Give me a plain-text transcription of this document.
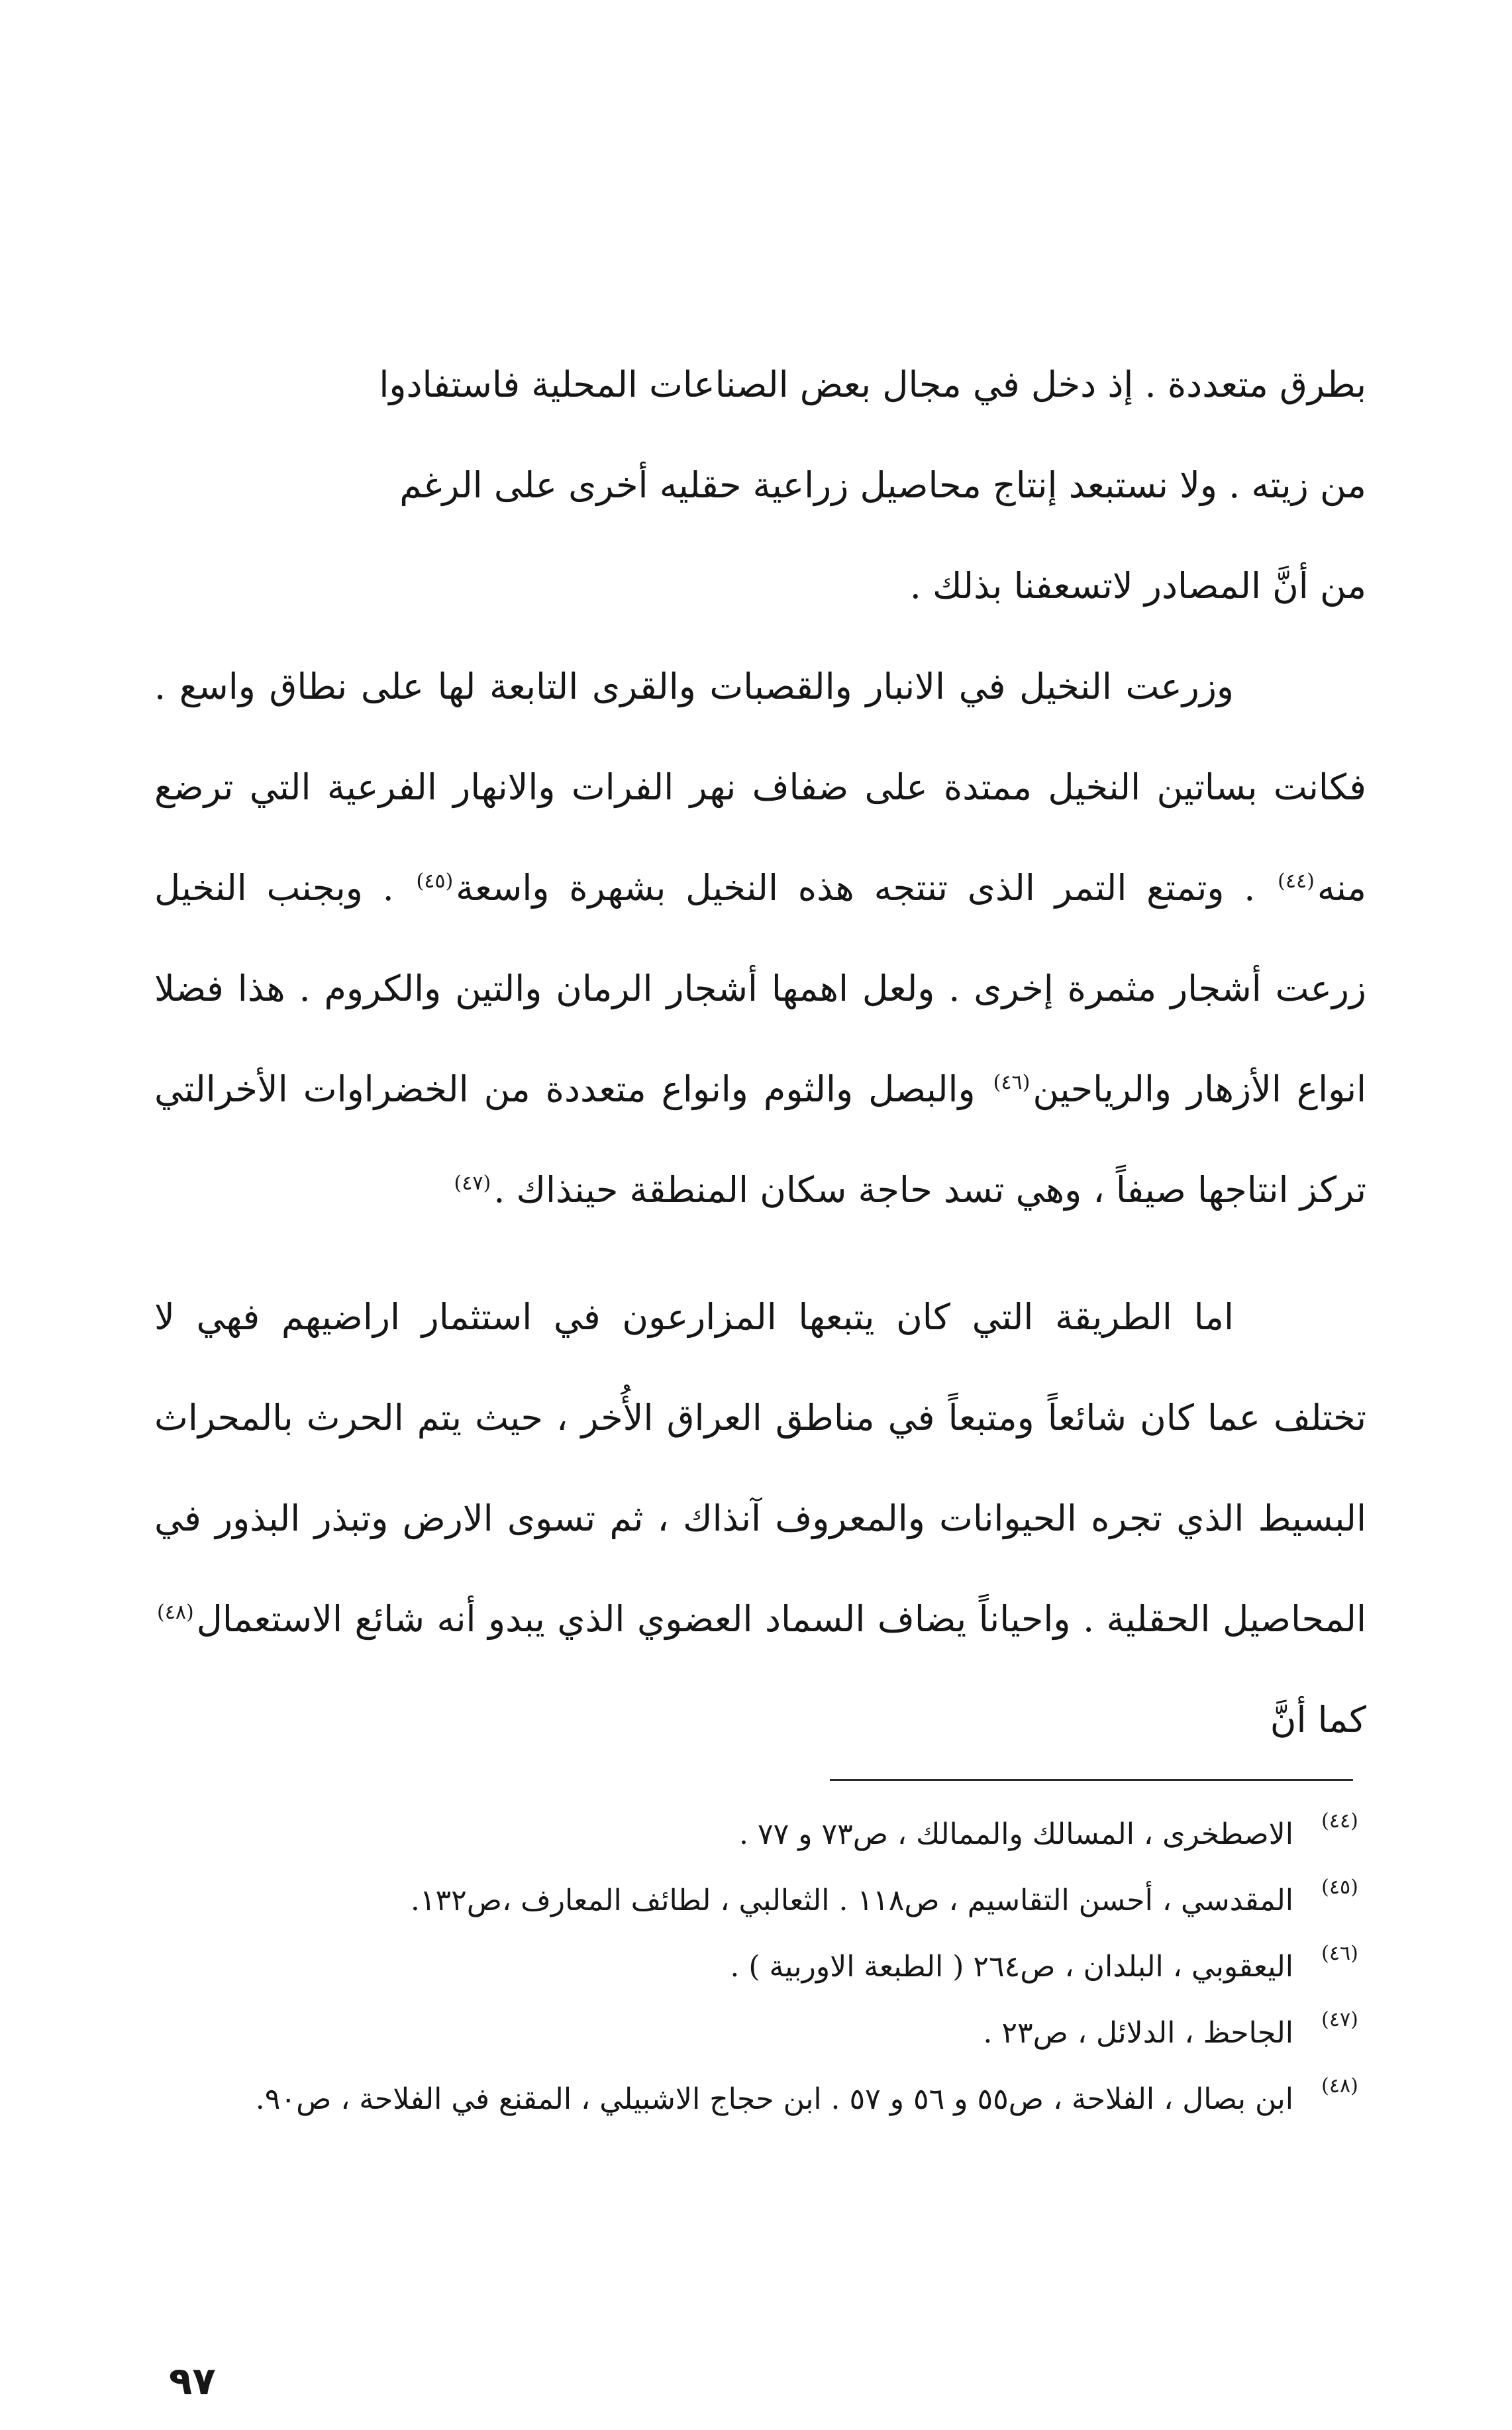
بطرق متعددة . إذ دخل في مجال بعض الصناعات المحلية فاستفادوا
من زيته . ولا نستبعد إنتاج محاصيل زراعية حقليه أخرى على الرغم
من أنَّ المصادر لاتسعفنا بذلك .

وزرعت النخيل في الانبار والقصبات والقرى التابعة لها على نطاق واسع . فكانت بساتين النخيل ممتدة على ضفاف نهر الفرات والانهار الفرعية التي ترضع منه$^{(٤٤)}$ . وتمتع التمر الذى تنتجه هذه النخيل بشهرة واسعة$^{(٤٥)}$ . وبجنب النخيل زرعت أشجار مثمرة إخرى . ولعل اهمها أشجار الرمان والتين والكروم . هذا فضلا انواع الأزهار والرياحين$^{(٤٦)}$ والبصل والثوم وانواع متعددة من الخضراوات الأخرالتي تركز انتاجها صيفاً ، وهي تسد حاجة سكان المنطقة حينذاك .$^{(٤٧)}$

اما الطريقة التي كان يتبعها المزارعون في استثمار اراضيهم فهي لا تختلف عما كان شائعاً ومتبعاً في مناطق العراق الأُخر ، حيث يتم الحرث بالمحراث البسيط الذي تجره الحيوانات والمعروف آنذاك ، ثم تسوى الارض وتبذر البذور في المحاصيل الحقلية . واحياناً يضاف السماد العضوي الذي يبدو أنه شائع الاستعمال$^{(٤٨)}$ كما أنَّ

(٤٤)
الاصطخرى ، المسالك والممالك ، ص٧٣ و ٧٧ .
(٤٥)
المقدسي ، أحسن التقاسيم ، ص١١٨ . الثعالبي ، لطائف المعارف ،ص١٣٢.
(٤٦)
اليعقوبي ، البلدان ، ص٢٦٤ ( الطبعة الاوربية ) .
(٤٧)
الجاحظ ، الدلائل ، ص٢٣ .
(٤٨)
ابن بصال ، الفلاحة ، ص٥٥ و ٥٦ و ٥٧ . ابن حجاج الاشبيلي ، المقنع في الفلاحة ، ص٩٠.
٩٧
